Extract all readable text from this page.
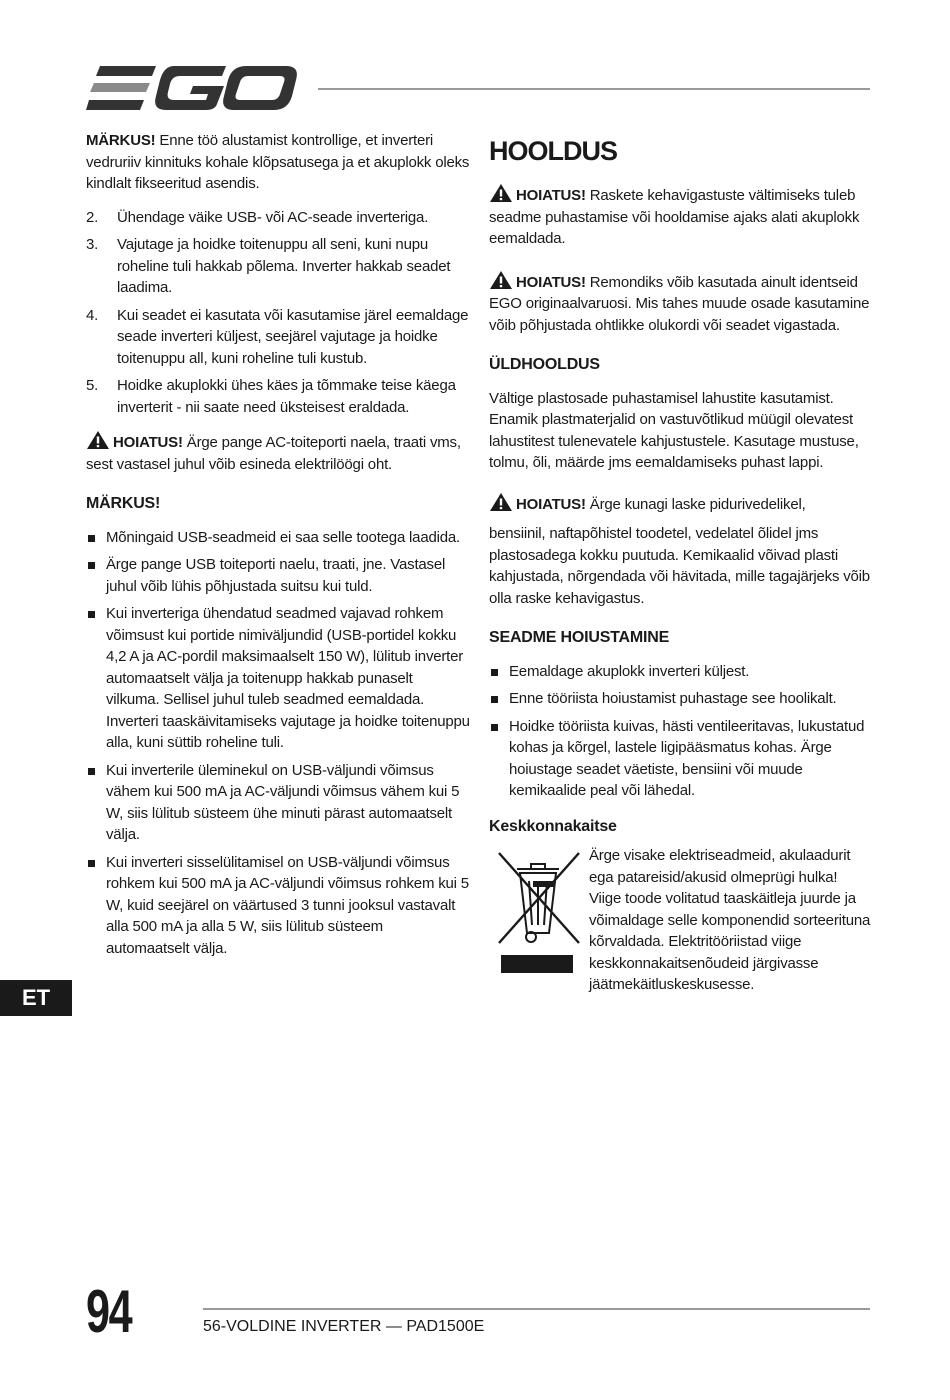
MÄRKUS! Enne töö alustamist kontrollige, et inverteri vedruriiv kinnituks kohale klõpsatusega ja et akuplokk oleks kindlalt fikseeritud asendis.

2.	Ühendage väike USB- või AC-seade inverteriga.
3.	Vajutage ja hoidke toitenuppu all seni, kuni nupu roheline tuli hakkab põlema. Inverter hakkab seadet laadima.
4.	Kui seadet ei kasutata või kasutamise järel eemaldage seade inverteri küljest, seejärel vajutage ja hoidke toitenuppu all, kuni roheline tuli kustub.
5.	Hoidke akuplokki ühes käes ja tõmmake teise käega inverterit - nii saate need üksteisest eraldada.

HOIATUS! Ärge pange AC-toiteporti naela, traati vms, sest vastasel juhul võib esineda elektrilöögi oht.

MÄRKUS!
Mõningaid USB-seadmeid ei saa selle tootega laadida.
Ärge pange USB toiteporti naelu, traati, jne. Vastasel juhul võib lühis põhjustada suitsu kui tuld.
Kui inverteriga ühendatud seadmed vajavad rohkem võimsust kui portide nimiväljundid (USB-portidel kokku 4,2 A ja AC-pordil maksimaalselt 150 W), lülitub inverter automaatselt välja ja toitenupp hakkab punaselt vilkuma. Sellisel juhul tuleb seadmed eemaldada. Inverteri taaskäivitamiseks vajutage ja hoidke toitenuppu alla, kuni süttib roheline tuli.
Kui inverterile üleminekul on USB-väljundi võimsus vähem kui 500 mA ja AC-väljundi võimsus vähem kui 5 W, siis lülitub süsteem ühe minuti pärast automaatselt välja.
Kui inverteri sisselülitamisel on USB-väljundi võimsus rohkem kui 500 mA ja AC-väljundi võimsus rohkem kui 5 W, kuid seejärel on väärtused 3 tunni jooksul vastavalt alla 500 mA ja alla 5 W, siis lülitub süsteem automaatselt välja.
HOOLDUS

HOIATUS! Raskete kehavigastuste vältimiseks tuleb seadme puhastamise või hooldamise ajaks alati akuplokk eemaldada.

HOIATUS! Remondiks võib kasutada ainult identseid EGO originaalvaruosi. Mis tahes muude osade kasutamine võib põhjustada ohtlikke olukordi või seadet vigastada.

ÜLDHOOLDUS

Vältige plastosade puhastamisel lahustite kasutamist. Enamik plastmaterjalid on vastuvõtlikud müügil olevatest lahustitest tulenevatele kahjustustele. Kasutage mustuse, tolmu, õli, määrde jms eemaldamiseks puhast lappi.

HOIATUS! Ärge kunagi laske pidurivedelikel,

bensiinil, naftapõhistel toodetel, vedelatel õlidel jms plastosadega kokku puutuda. Kemikaalid võivad plasti kahjustada, nõrgendada või hävitada, mille tagajärjeks võib olla raske kehavigastus.

SEADME HOIUSTAMINE
Eemaldage akuplokk inverteri küljest.
Enne tööriista hoiustamist puhastage see hoolikalt.
Hoidke tööriista kuivas, hästi ventileeritavas, lukustatud kohas ja kõrgel, lastele ligipääsmatus kohas. Ärge hoiustage seadet väetiste, bensiini või muude kemikaalide peal või lähedal.
Keskkonnakaitse

Ärge visake elektriseadmeid, akulaadurit ega patareisid/akusid olmeprügi hulka! Viige toode volitatud taaskäitleja juurde ja võimaldage selle komponendid sorteerituna kõrvaldada. Elektritööriistad viige keskkonnakaitsenõudeid järgivasse jäätmekäitluskeskusesse.

ET
94	56-VOLDINE INVERTER — PAD1500E
